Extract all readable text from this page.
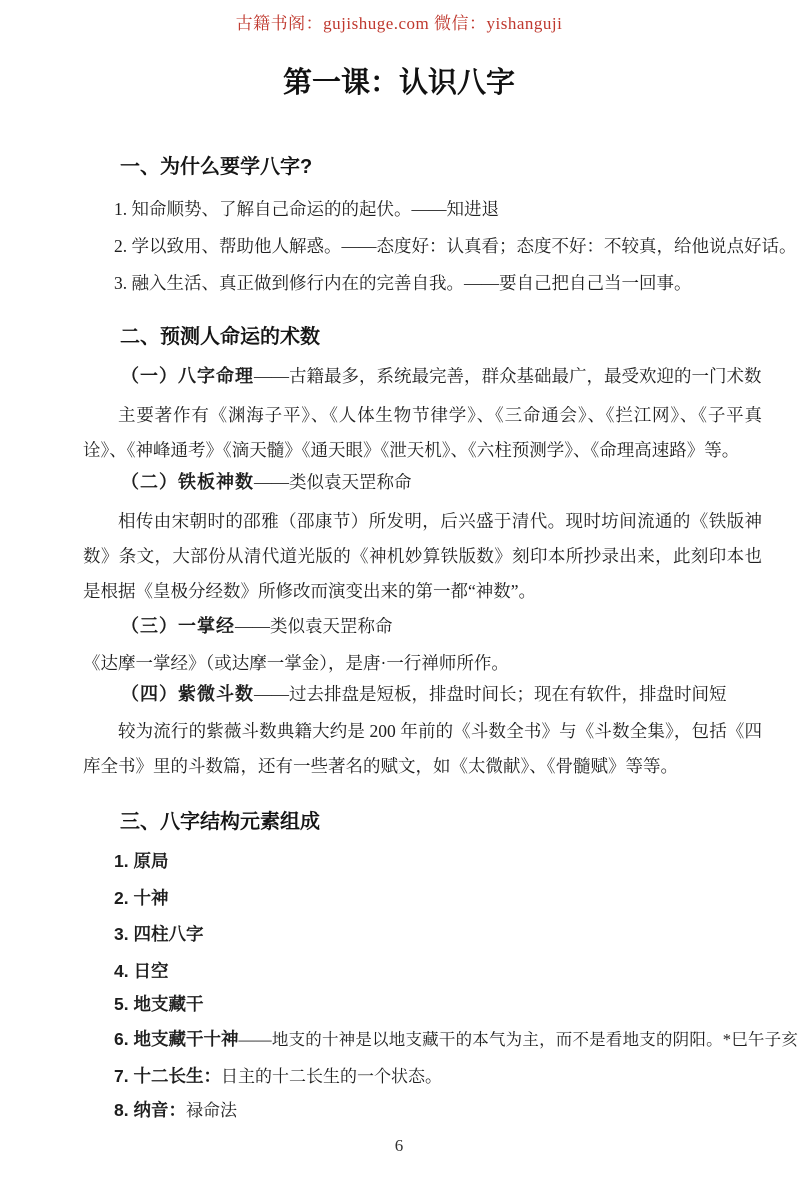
古籍书阁：gujishuge.com 微信：yishanguji
第一课：认识八字
一、为什么要学八字?
1. 知命顺势、了解自己命运的的起伏。——知进退
2. 学以致用、帮助他人解惑。——态度好：认真看；态度不好：不较真，给他说点好话。
3. 融入生活、真正做到修行内在的完善自我。——要自己把自己当一回事。
二、预测人命运的术数
（一）八字命理——古籍最多，系统最完善，群众基础最广，最受欢迎的一门术数
主要著作有《渊海子平》、《人体生物节律学》、《三命通会》、《拦江网》、《子平真诠》、《神峰通考》《滴天髓》《通天眼》《泄天机》、《六柱预测学》、《命理高速路》等。
（二）铁板神数——类似袁天罡称命
相传由宋朝时的邵雅（邵康节）所发明，后兴盛于清代。现时坊间流通的《铁版神数》条文，大部份从清代道光版的《神机妙算铁版数》刻印本所抄录出来，此刻印本也是根据《皇极分经数》所修改而演变出来的第一都“神数”。
（三）一掌经——类似袁天罡称命
《达摩一掌经》（或达摩一掌金），是唐·一行禅师所作。
（四）紫微斗数——过去排盘是短板，排盘时间长；现在有软件，排盘时间短
较为流行的紫薇斗数典籍大约是 200 年前的《斗数全书》与《斗数全集》，包括《四库全书》里的斗数篇，还有一些著名的赋文，如《太微献》、《骨髓赋》等等。
三、八字结构元素组成
1. 原局
2. 十神
3. 四柱八字
4. 日空
5. 地支藏干
6. 地支藏干十神——地支的十神是以地支藏干的本气为主，而不是看地支的阴阳。*巳午子亥
7. 十二长生：日主的十二长生的一个状态。
8. 纳音：禄命法
6
